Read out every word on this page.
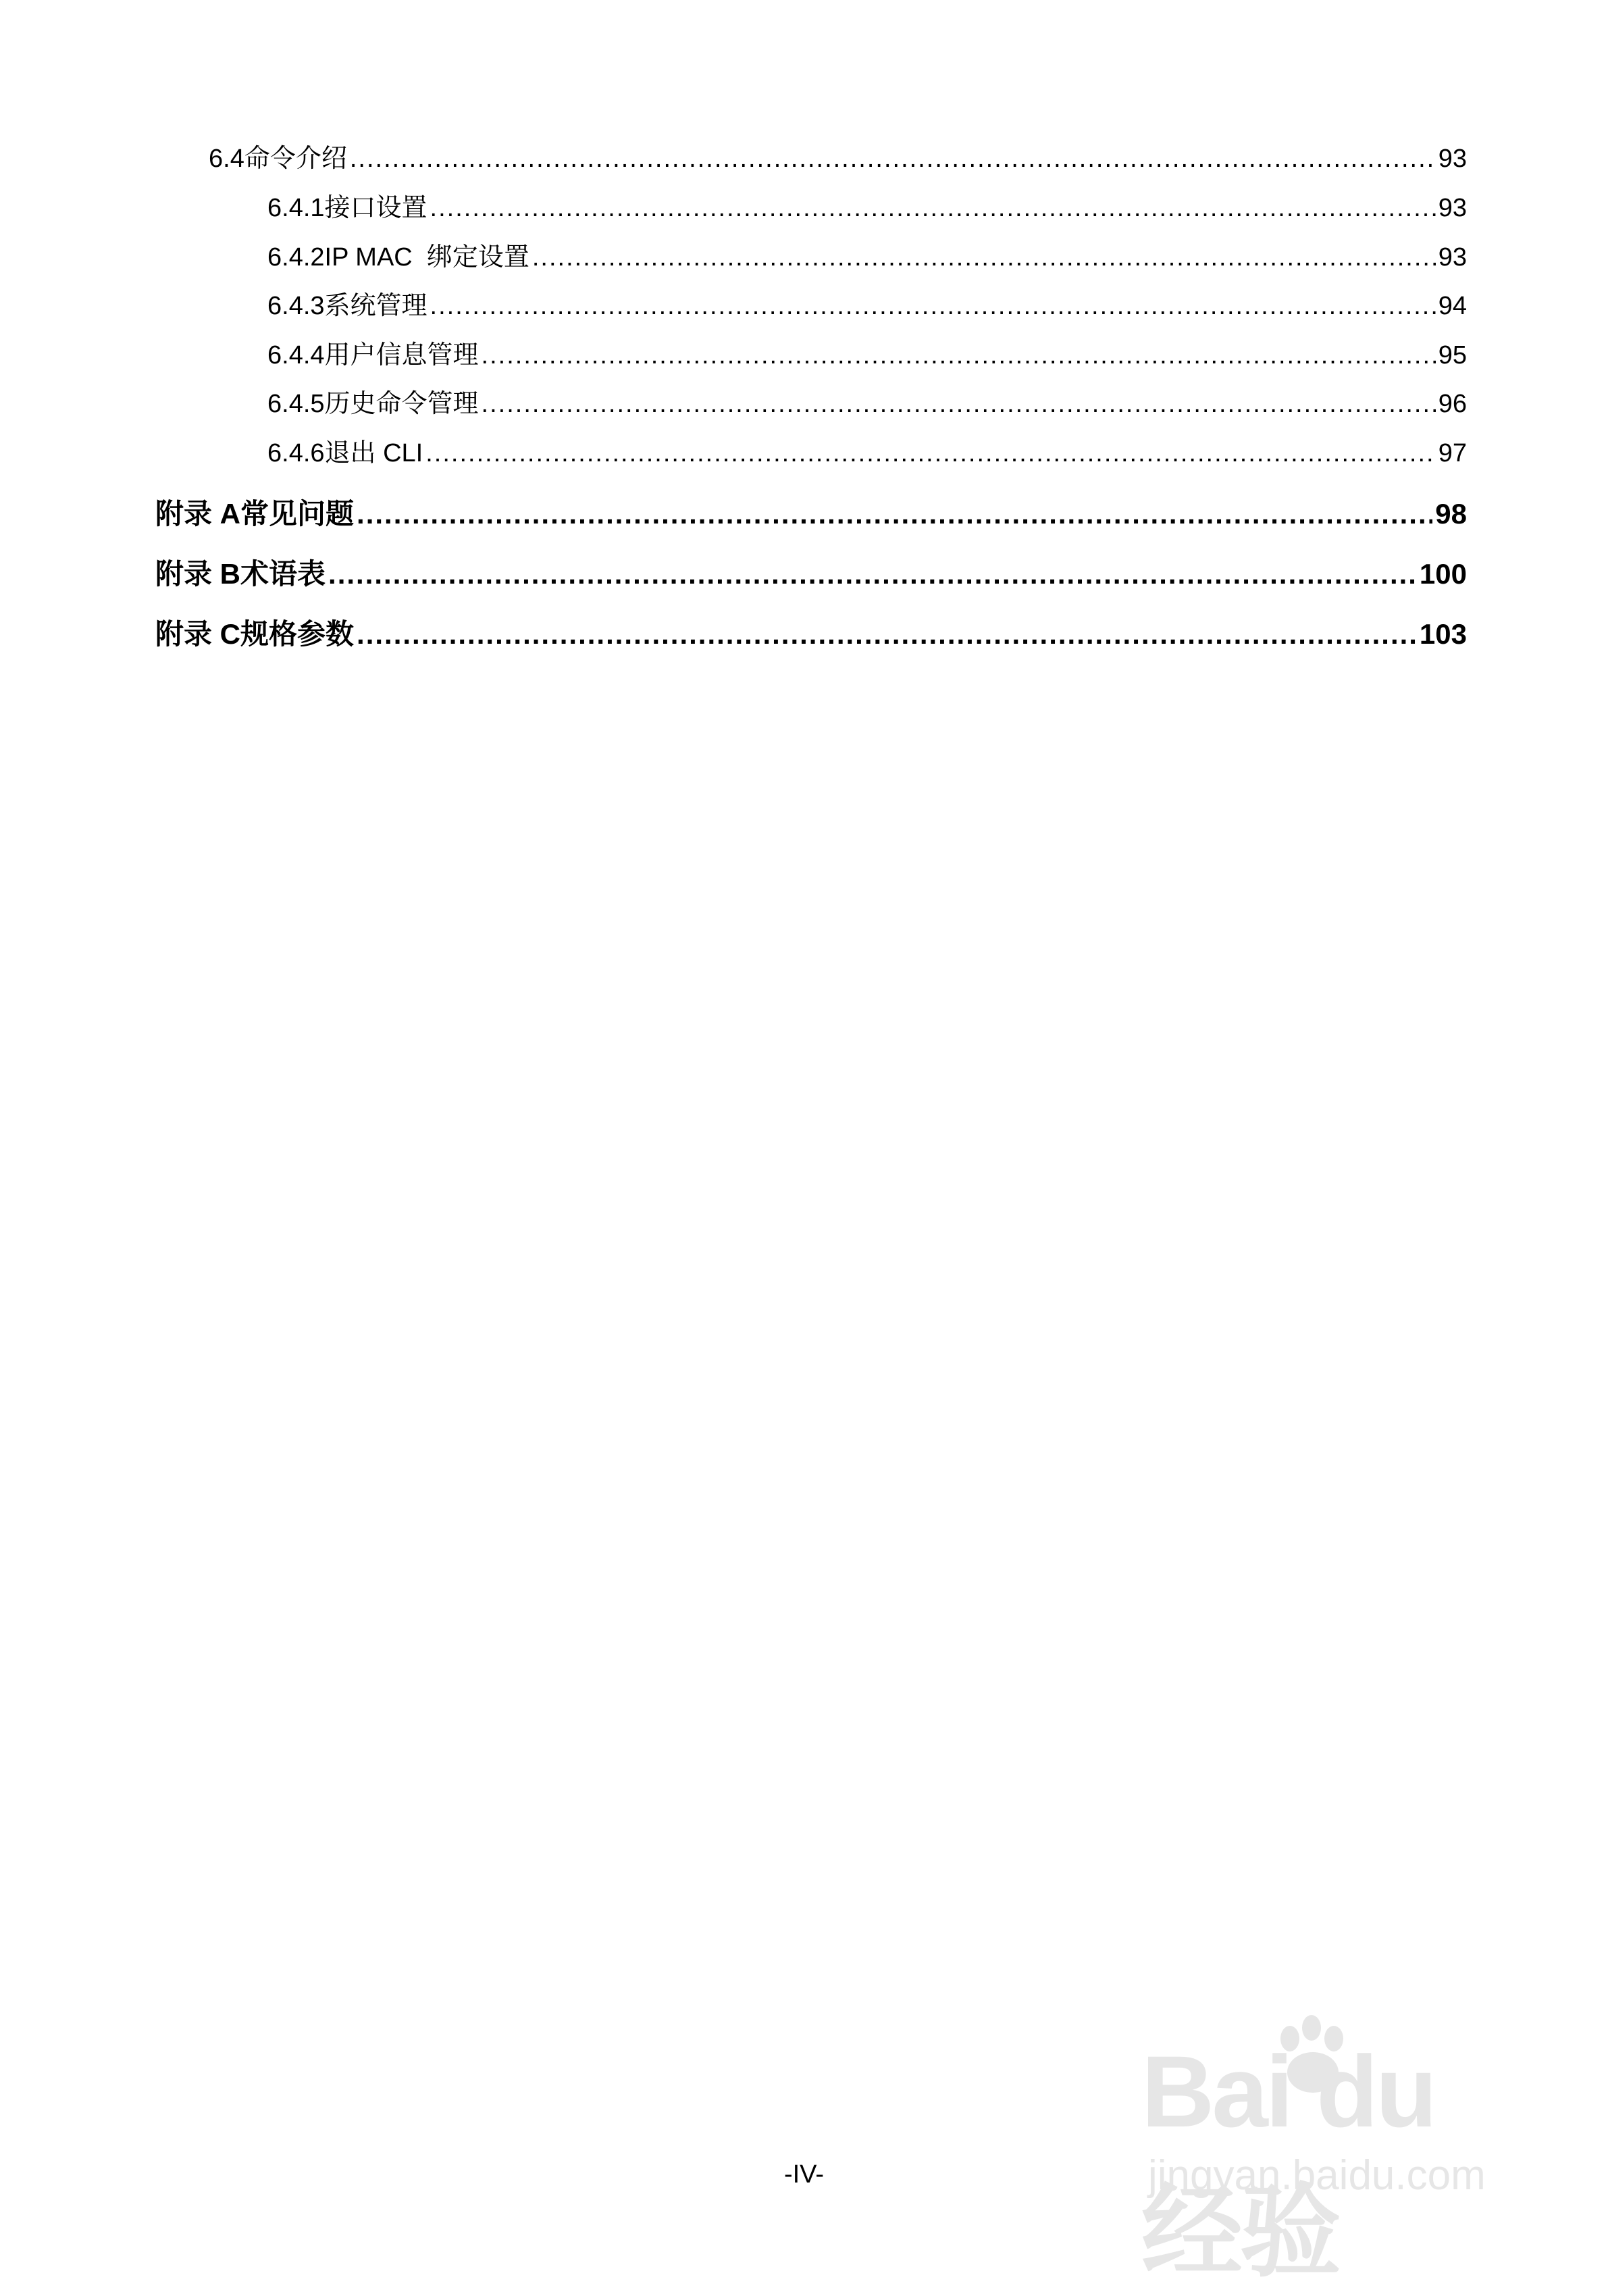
6.4 命令介绍 .....	93
6.4.1 接口设置 .....	93
6.4.2 IP MAC  绑定设置 .....	93
6.4.3 系统管理 .....	94
6.4.4 用户信息管理 .....	95
6.4.5 历史命令管理 .....	96
6.4.6 退出 CLI .....	97
附录 A 常见问题 .....	98
附录 B 术语表 .....	100
附录 C 规格参数 .....	103
-IV-
Bai du 经验
jingyan.baidu.com
